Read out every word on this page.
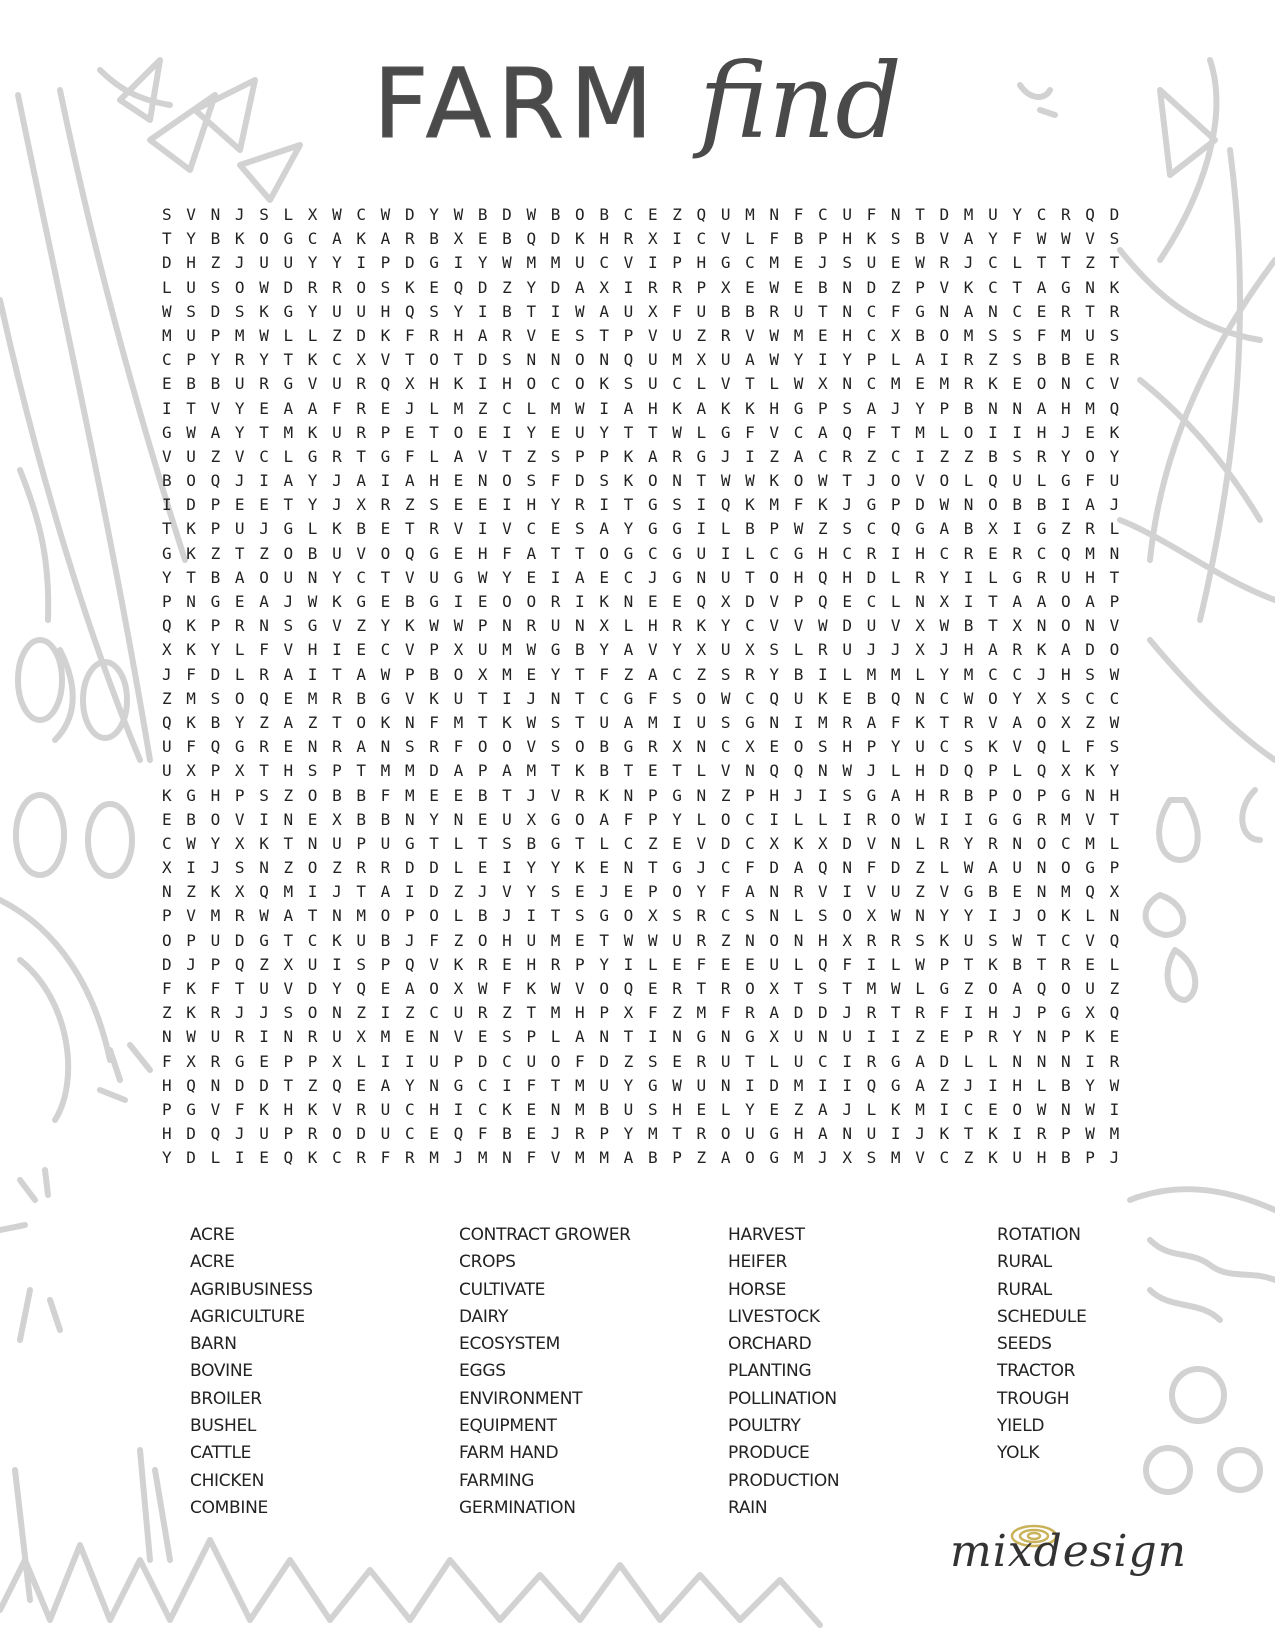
FARM find
S V N J S L X W C W D Y W B D W B O B C E Z Q U M N F C U F N T D M U Y C R Q D
T Y B K O G C A K A R B X E B Q D K H R X I C V L F B P H K S B V A Y F W W V S
D H Z J U U Y Y I P D G I Y W M M U C V I P H G C M E J S U E W R J C L T T Z T
L U S O W D R R O S K E Q D Z Y D A X I R R P X E W E B N D Z P V K C T A G N K
W S D S K G Y U U H Q S Y I B T I W A U X F U B B R U T N C F G N A N C E R T R
M U P M W L L Z D K F R H A R V E S T P V U Z R V W M E H C X B O M S S F M U S
C P Y R Y T K C X V T O T D S N N O N Q U M X U A W Y I Y P L A I R Z S B B E R
E B B U R G V U R Q X H K I H O C O K S U C L V T L W X N C M E M R K E O N C V
I T V Y E A A F R E J L M Z C L M W I A H K A K K H G P S A J Y P B N N A H M Q
G W A Y T M K U R P E T O E I Y E U Y T T W L G F V C A Q F T M L O I I H J E K
V U Z V C L G R T G F L A V T Z S P P K A R G J I Z A C R Z C I Z Z B S R Y O Y
B O Q J I A Y J A I A H E N O S F D S K O N T W W K O W T J O V O L Q U L G F U
I D P E E T Y J X R Z S E E I H Y R I T G S I Q K M F K J G P D W N O B B I A J
T K P U J G L K B E T R V I V C E S A Y G G I L B P W Z S C Q G A B X I G Z R L
G K Z T Z O B U V O Q G E H F A T T O G C G U I L C G H C R I H C R E R C Q M N
Y T B A O U N Y C T V U G W Y E I A E C J G N U T O H Q H D L R Y I L G R U H T
P N G E A J W K G E B G I E O O R I K N E E Q X D V P Q E C L N X I T A A O A P
Q K P R N S G V Z Y K W W P N R U N X L H R K Y C V V W D U V X W B T X N O N V
X K Y L F V H I E C V P X U M W G B Y A V Y X U X S L R U J J X J H A R K A D O
J F D L R A I T A W P B O X M E Y T F Z A C Z S R Y B I L M M L Y M C C J H S W
Z M S O Q E M R B G V K U T I J N T C G F S O W C Q U K E B Q N C W O Y X S C C
Q K B Y Z A Z T O K N F M T K W S T U A M I U S G N I M R A F K T R V A O X Z W
U F Q G R E N R A N S R F O O V S O B G R X N C X E O S H P Y U C S K V Q L F S
U X P X T H S P T M M D A P A M T K B T E T L V N Q Q N W J L H D Q P L Q X K Y
K G H P S Z O B B F M E E B T J V R K N P G N Z P H J I S G A H R B P O P G N H
E B O V I N E X B B N Y N E U X G O A F P Y L O C I L L I R O W I I G G R M V T
C W Y X K T N U P U G T L T S B G T L C Z E V D C X K X D V N L R Y R N O C M L
X I J S N Z O Z R R D D L E I Y Y K E N T G J C F D A Q N F D Z L W A U N O G P
N Z K X Q M I J T A I D Z J V Y S E J E P O Y F A N R V I V U Z V G B E N M Q X
P V M R W A T N M O P O L B J I T S G O X S R C S N L S O X W N Y Y I J O K L N
O P U D G T C K U B J F Z O H U M E T W W U R Z N O N H X R R S K U S W T C V Q
D J P Q Z X U I S P Q V K R E H R P Y I L E F E E U L Q F I L W P T K B T R E L
F K F T U V D Y Q E A O X W F K W V O Q E R T R O X T S T M W L G Z O A Q O U Z
Z K R J J S O N Z I Z C U R Z T M H P X F Z M F R A D D J R T R F I H J P G X Q
N W U R I N R U X M E N V E S P L A N T I N G N G X U N U I I Z E P R Y N P K E
F X R G E P P X L I I U P D C U O F D Z S E R U T L U C I R G A D L L N N N I R
H Q N D D T Z Q E A Y N G C I F T M U Y G W U N I D M I I Q G A Z J I H L B Y W
P G V F K H K V R U C H I C K E N M B U S H E L Y E Z A J L K M I C E O W N W I
H D Q J U P R O D U C E Q F B E J R P Y M T R O U G H A N U I J K T K I R P W M
Y D L I E Q K C R F R M J M N F V M M A B P Z A O G M J X S M V C Z K U H B P J
ACRE
ACRE
AGRIBUSINESS
AGRICULTURE
BARN
BOVINE
BROILER
BUSHEL
CATTLE
CHICKEN
COMBINE
CONTRACT GROWER
CROPS
CULTIVATE
DAIRY
ECOSYSTEM
EGGS
ENVIRONMENT
EQUIPMENT
FARM HAND
FARMING
GERMINATION
HARVEST
HEIFER
HORSE
LIVESTOCK
ORCHARD
PLANTING
POLLINATION
POULTRY
PRODUCE
PRODUCTION
RAIN
ROTATION
RURAL
RURAL
SCHEDULE
SEEDS
TRACTOR
TROUGH
YIELD
YOLK
mixdesign
